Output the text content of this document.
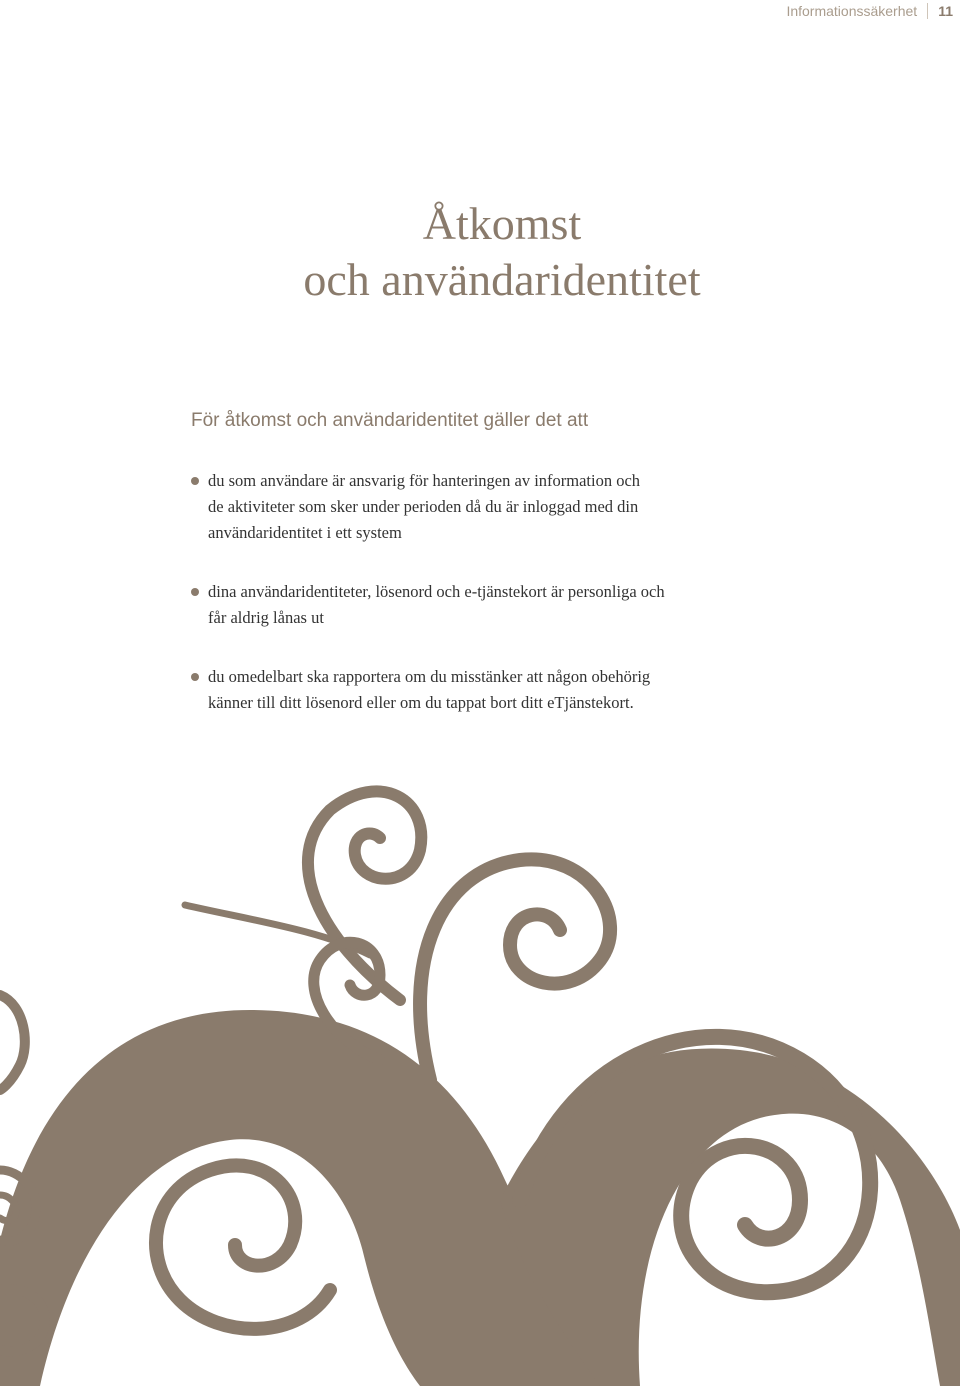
Informationssäkerhet 11
Åtkomst
och användaridentitet
För åtkomst och användaridentitet gäller det att
du som användare är ansvarig för hanteringen av information och
de aktiviteter som sker under perioden då du är inloggad med din
användaridentitet i ett system
dina användaridentiteter, lösenord och e-tjänstekort är personliga och
får aldrig lånas ut
du omedelbart ska rapportera om du misstänker att någon obehörig
känner till ditt lösenord eller om du tappat bort ditt eTjänstekort.
